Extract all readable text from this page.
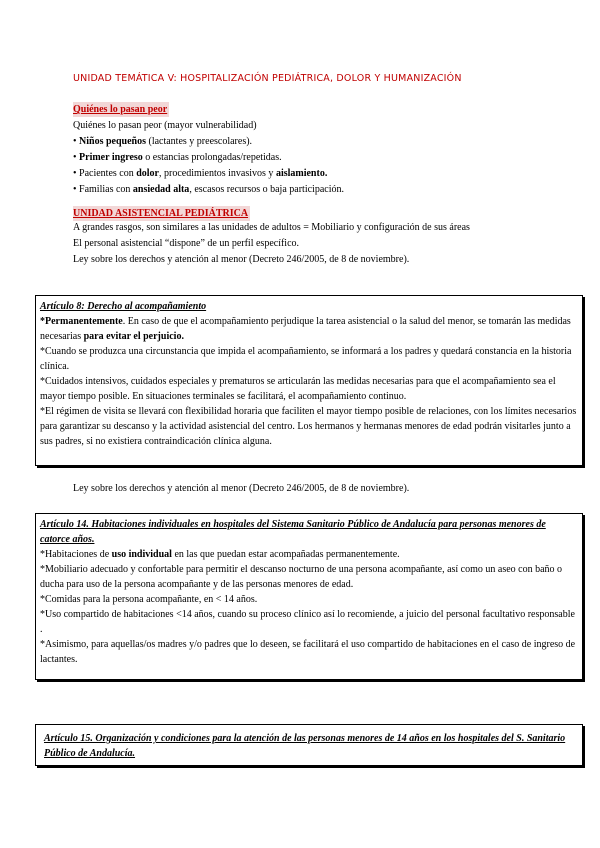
UNIDAD TEMÁTICA V: HOSPITALIZACIÓN PEDIÁTRICA, DOLOR Y HUMANIZACIÓN
Quiénes lo pasan peor
Quiénes lo pasan peor (mayor vulnerabilidad)
• Niños pequeños (lactantes y preescolares).
• Primer ingreso o estancias prolongadas/repetidas.
• Pacientes con dolor, procedimientos invasivos y aislamiento.
• Familias con ansiedad alta, escasos recursos o baja participación.
UNIDAD ASISTENCIAL PEDIÁTRICA
A grandes rasgos, son similares a las unidades de adultos = Mobiliario y configuración de sus áreas
El personal asistencial “dispone” de un perfil específico.
Ley sobre los derechos y atención al menor (Decreto 246/2005, de 8 de noviembre).
Artículo 8: Derecho al acompañamiento

*Permanentemente. En caso de que el acompañamiento perjudique la tarea asistencial o la salud del menor, se tomarán las medidas necesarias para evitar el perjuicio.

*Cuando se produzca una circunstancia que impida el acompañamiento, se informará a los padres y quedará constancia en la historia clínica.

*Cuidados intensivos, cuidados especiales y prematuros se articularán las medidas necesarias para que el acompañamiento sea el mayor tiempo posible. En situaciones terminales se facilitará, el acompañamiento continuo.

*El régimen de visita se llevará con flexibilidad horaria que faciliten el mayor tiempo posible de relaciones, con los límites necesarios para garantizar su descanso y la actividad asistencial del centro. Los hermanos y hermanas menores de edad podrán visitarles junto a sus padres, si no existiera contraindicación clínica alguna.

Ley sobre los derechos y atención al menor (Decreto 246/2005, de 8 de noviembre).
Artículo 14. Habitaciones individuales en hospitales del Sistema Sanitario Público de Andalucía para personas menores de catorce años.

*Habitaciones de uso individual en las que puedan estar acompañadas permanentemente.

*Mobiliario adecuado y confortable para permitir el descanso nocturno de una persona acompañante, así como un aseo con baño o ducha para uso de la persona acompañante y de las personas menores de edad.

*Comidas para la persona acompañante, en < 14 años.

*Uso compartido de habitaciones <14 años, cuando su proceso clínico así lo recomiende, a juicio del personal facultativo responsable .

*Asimismo, para aquellas/os madres y/o padres que lo deseen, se facilitará el uso compartido de habitaciones en el caso de ingreso de lactantes.

Artículo 15. Organización y condiciones para la atención de las personas menores de 14 años en los hospitales del S. Sanitario Público de Andalucía.
